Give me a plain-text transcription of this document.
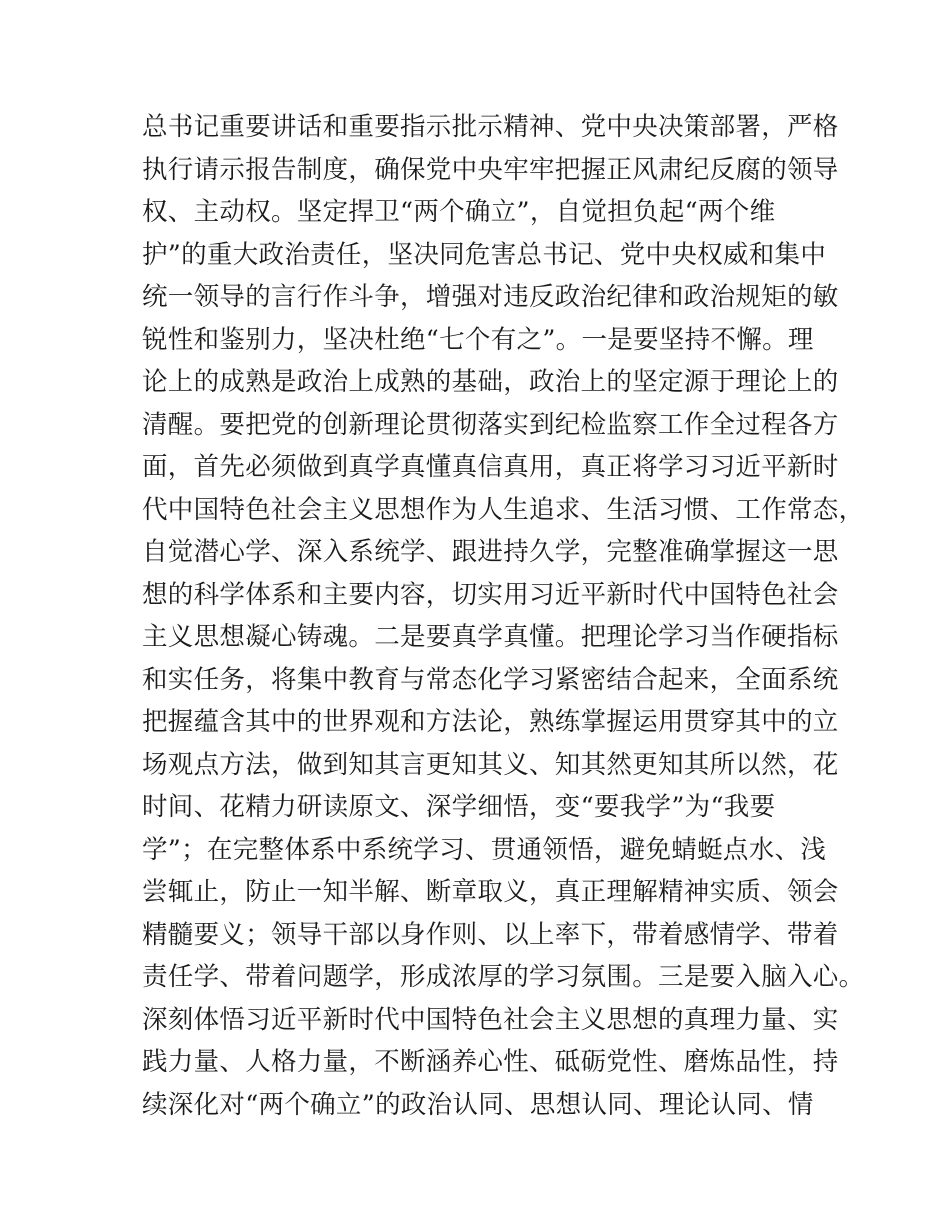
总书记重要讲话和重要指示批示精神、党中央决策部署，严格
执行请示报告制度，确保党中央牢牢把握正风肃纪反腐的领导
权、主动权。坚定捍卫“两个确立”，自觉担负起“两个维
护”的重大政治责任，坚决同危害总书记、党中央权威和集中
统一领导的言行作斗争，增强对违反政治纪律和政治规矩的敏
锐性和鉴别力，坚决杜绝“七个有之”。一是要坚持不懈。理
论上的成熟是政治上成熟的基础，政治上的坚定源于理论上的
清醒。要把党的创新理论贯彻落实到纪检监察工作全过程各方
面，首先必须做到真学真懂真信真用，真正将学习习近平新时
代中国特色社会主义思想作为人生追求、生活习惯、工作常态，
自觉潜心学、深入系统学、跟进持久学，完整准确掌握这一思
想的科学体系和主要内容，切实用习近平新时代中国特色社会
主义思想凝心铸魂。二是要真学真懂。把理论学习当作硬指标
和实任务，将集中教育与常态化学习紧密结合起来，全面系统
把握蕴含其中的世界观和方法论，熟练掌握运用贯穿其中的立
场观点方法，做到知其言更知其义、知其然更知其所以然，花
时间、花精力研读原文、深学细悟，变“要我学”为“我要
学”；在完整体系中系统学习、贯通领悟，避免蜻蜓点水、浅
尝辄止，防止一知半解、断章取义，真正理解精神实质、领会
精髓要义；领导干部以身作则、以上率下，带着感情学、带着
责任学、带着问题学，形成浓厚的学习氛围。三是要入脑入心。
深刻体悟习近平新时代中国特色社会主义思想的真理力量、实
践力量、人格力量，不断涵养心性、砥砺党性、磨炼品性，持
续深化对“两个确立”的政治认同、思想认同、理论认同、情
